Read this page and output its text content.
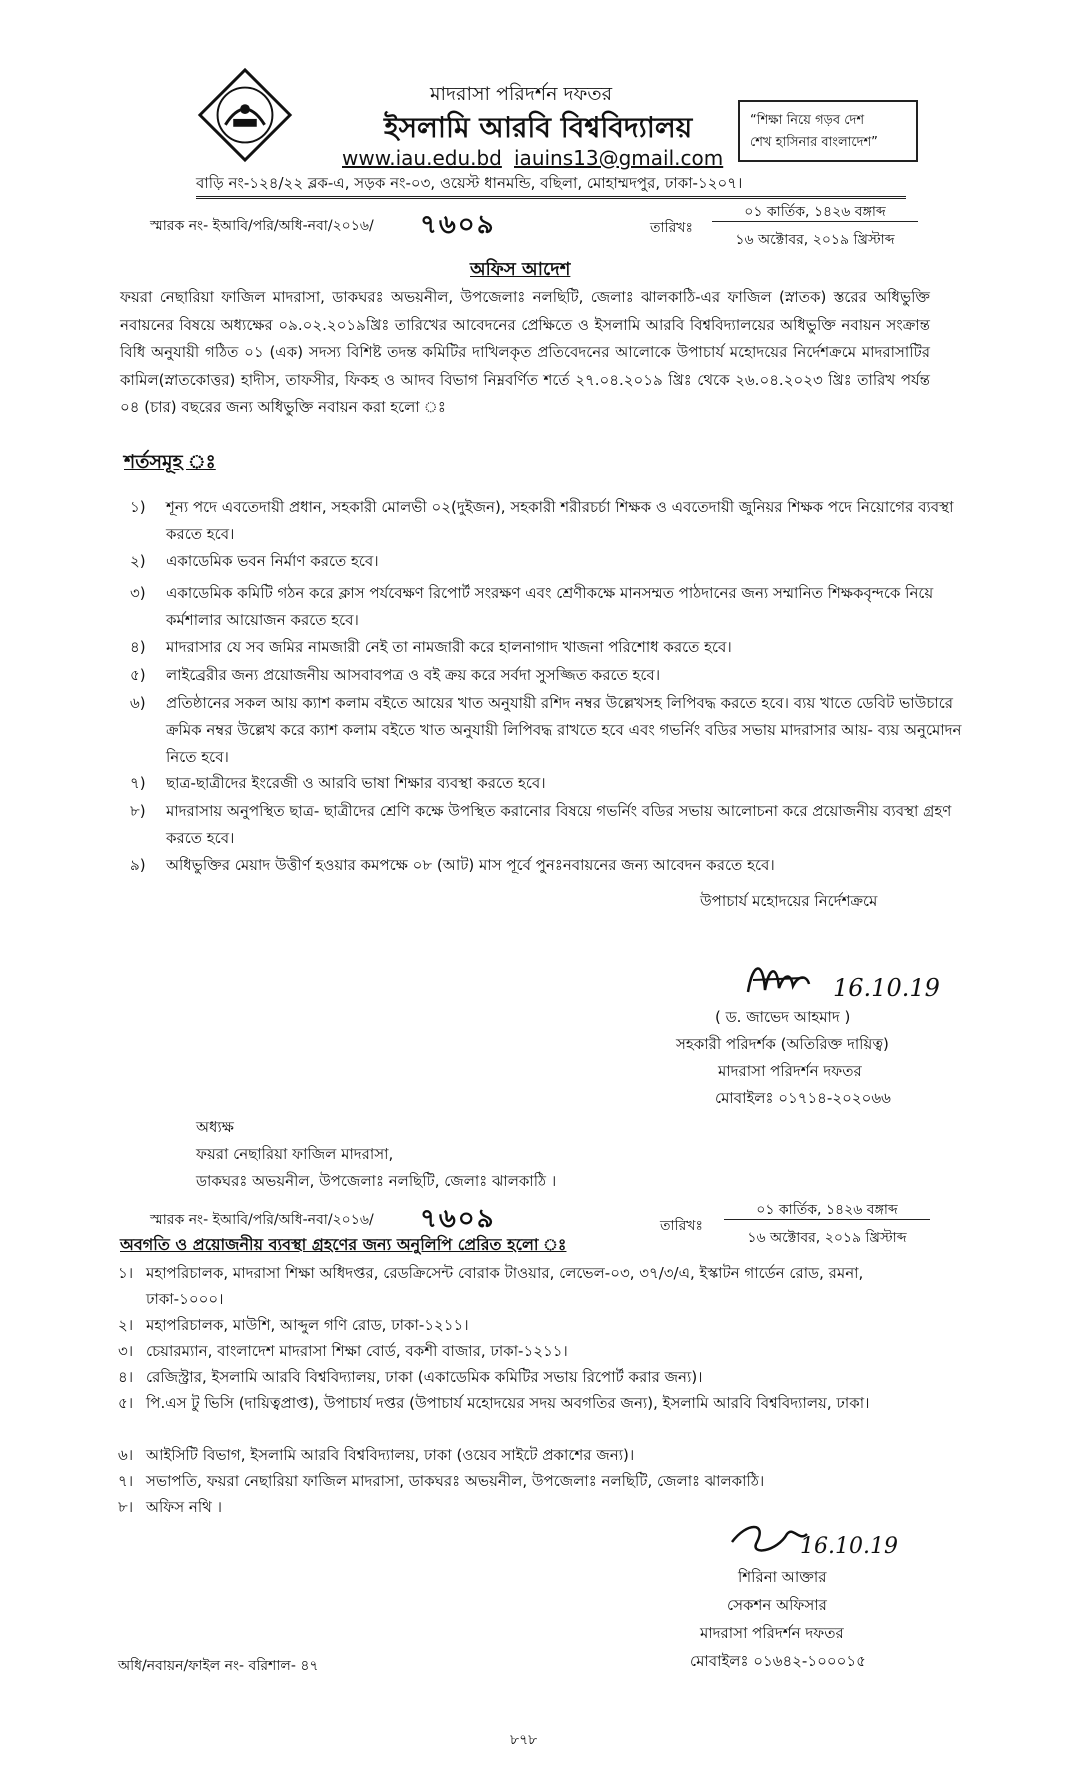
মাদরাসা পরিদর্শন দফতর
ইসলামি আরবি বিশ্ববিদ্যালয়
www.iau.edu.bd iauins13@gmail.com
“শিক্ষা নিয়ে গড়ব দেশ
শেখ হাসিনার বাংলাদেশ”
বাড়ি নং-১২৪/২২ ব্লক-এ, সড়ক নং-০৩, ওয়েস্ট ধানমন্ডি, বছিলা, মোহাম্মদপুর, ঢাকা-১২০৭।
স্মারক নং- ইআবি/পরি/অধি-নবা/২০১৬/ ৭৬০৯	তারিখঃ
০১ কার্তিক, ১৪২৬ বঙ্গাব্দ
১৬ অক্টোবর, ২০১৯ খ্রিস্টাব্দ
অফিস আদেশ
ফয়রা নেছারিয়া ফাজিল মাদরাসা, ডাকঘরঃ অভয়নীল, উপজেলাঃ নলছিটি, জেলাঃ ঝালকাঠি-এর ফাজিল (স্নাতক) স্তরের অধিভুক্তি নবায়নের বিষয়ে অধ্যক্ষের ০৯.০২.২০১৯খ্রিঃ তারিখের আবেদনের প্রেক্ষিতে ও ইসলামি আরবি বিশ্ববিদ্যালয়ের অধিভুক্তি নবায়ন সংক্রান্ত বিধি অনুযায়ী গঠিত ০১ (এক) সদস্য বিশিষ্ট তদন্ত কমিটির দাখিলকৃত প্রতিবেদনের আলোকে উপাচার্য মহোদয়ের নির্দেশক্রমে মাদরাসাটির কামিল(স্নাতকোত্তর) হাদীস, তাফসীর, ফিকহ ও আদব বিভাগ নিম্নবর্ণিত শর্তে ২৭.০৪.২০১৯ খ্রিঃ থেকে ২৬.০৪.২০২৩ খ্রিঃ তারিখ পর্যন্ত ০৪ (চার) বছরের জন্য অধিভুক্তি নবায়ন করা হলো ঃ
শর্তসমূহ ঃ
১) শূন্য পদে এবতেদায়ী প্রধান, সহকারী মোলভী ০২(দুইজন), সহকারী শরীরচর্চা শিক্ষক ও এবতেদায়ী জুনিয়র শিক্ষক পদে নিয়োগের ব্যবস্থা করতে হবে।
২) একাডেমিক ভবন নির্মাণ করতে হবে।
৩) একাডেমিক কমিটি গঠন করে ক্লাস পর্যবেক্ষণ রিপোর্ট সংরক্ষণ এবং শ্রেণীকক্ষে মানসম্মত পাঠদানের জন্য সম্মানিত শিক্ষকবৃন্দকে নিয়ে কর্মশালার আয়োজন করতে হবে।
৪) মাদরাসার যে সব জমির নামজারী নেই তা নামজারী করে হালনাগাদ খাজনা পরিশোধ করতে হবে।
৫) লাইব্রেরীর জন্য প্রয়োজনীয় আসবাবপত্র ও বই ক্রয় করে সর্বদা সুসজ্জিত করতে হবে।
৬) প্রতিষ্ঠানের সকল আয় ক্যাশ কলাম বইতে আয়ের খাত অনুযায়ী রশিদ নম্বর উল্লেখসহ লিপিবদ্ধ করতে হবে। ব্যয় খাতে ডেবিট ভাউচারে ক্রমিক নম্বর উল্লেখ করে ক্যাশ কলাম বইতে খাত অনুযায়ী লিপিবদ্ধ রাখতে হবে এবং গভর্নিং বডির সভায় মাদরাসার আয়- ব্যয় অনুমোদন নিতে হবে।
৭) ছাত্র-ছাত্রীদের ইংরেজী ও আরবি ভাষা শিক্ষার ব্যবস্থা করতে হবে।
৮) মাদরাসায় অনুপস্থিত ছাত্র- ছাত্রীদের শ্রেণি কক্ষে উপস্থিত করানোর বিষয়ে গভর্নিং বডির সভায় আলোচনা করে প্রয়োজনীয় ব্যবস্থা গ্রহণ করতে হবে।
৯) অধিভুক্তির মেয়াদ উত্তীর্ণ হওয়ার কমপক্ষে ০৮ (আট) মাস পূর্বে পুনঃনবায়নের জন্য আবেদন করতে হবে।
উপাচার্য মহোদয়ের নির্দেশক্রমে
16.10.19
( ড. জাভেদ আহমাদ )
সহকারী পরিদর্শক (অতিরিক্ত দায়িত্ব)
মাদরাসা পরিদর্শন দফতর
মোবাইলঃ ০১৭১৪-২০২০৬৬
অধ্যক্ষ
ফয়রা নেছারিয়া ফাজিল মাদরাসা,
ডাকঘরঃ অভয়নীল, উপজেলাঃ নলছিটি, জেলাঃ ঝালকাঠি ।
স্মারক নং- ইআবি/পরি/অধি-নবা/২০১৬/ ৭৬০৯	তারিখঃ
০১ কার্তিক, ১৪২৬ বঙ্গাব্দ
১৬ অক্টোবর, ২০১৯ খ্রিস্টাব্দ
অবগতি ও প্রয়োজনীয় ব্যবস্থা গ্রহণের জন্য অনুলিপি প্রেরিত হলো ঃ
১। মহাপরিচালক, মাদরাসা শিক্ষা অধিদপ্তর, রেডক্রিসেন্ট বোরাক টাওয়ার, লেভেল-০৩, ৩৭/৩/এ, ইস্কাটন গার্ডেন রোড, রমনা, ঢাকা-১০০০।
২। মহাপরিচালক, মাউশি, আব্দুল গণি রোড, ঢাকা-১২১১।
৩। চেয়ারম্যান, বাংলাদেশ মাদরাসা শিক্ষা বোর্ড, বকশী বাজার, ঢাকা-১২১১।
৪। রেজিস্ট্রার, ইসলামি আরবি বিশ্ববিদ্যালয়, ঢাকা (একাডেমিক কমিটির সভায় রিপোর্ট করার জন্য)।
৫। পি.এস টু ভিসি (দায়িত্বপ্রাপ্ত), উপাচার্য দপ্তর (উপাচার্য মহোদয়ের সদয় অবগতির জন্য), ইসলামি আরবি বিশ্ববিদ্যালয়, ঢাকা।
৬। আইসিটি বিভাগ, ইসলামি আরবি বিশ্ববিদ্যালয়, ঢাকা (ওয়েব সাইটে প্রকাশের জন্য)।
৭। সভাপতি, ফয়রা নেছারিয়া ফাজিল মাদরাসা, ডাকঘরঃ অভয়নীল, উপজেলাঃ নলছিটি, জেলাঃ ঝালকাঠি।
৮। অফিস নথি ।
16.10.19
শিরিনা আক্তার
সেকশন অফিসার
মাদরাসা পরিদর্শন দফতর
মোবাইলঃ ০১৬৪২-১০০০১৫
অধি/নবায়ন/ফাইল নং- বরিশাল- ৪৭
৮৭৮
